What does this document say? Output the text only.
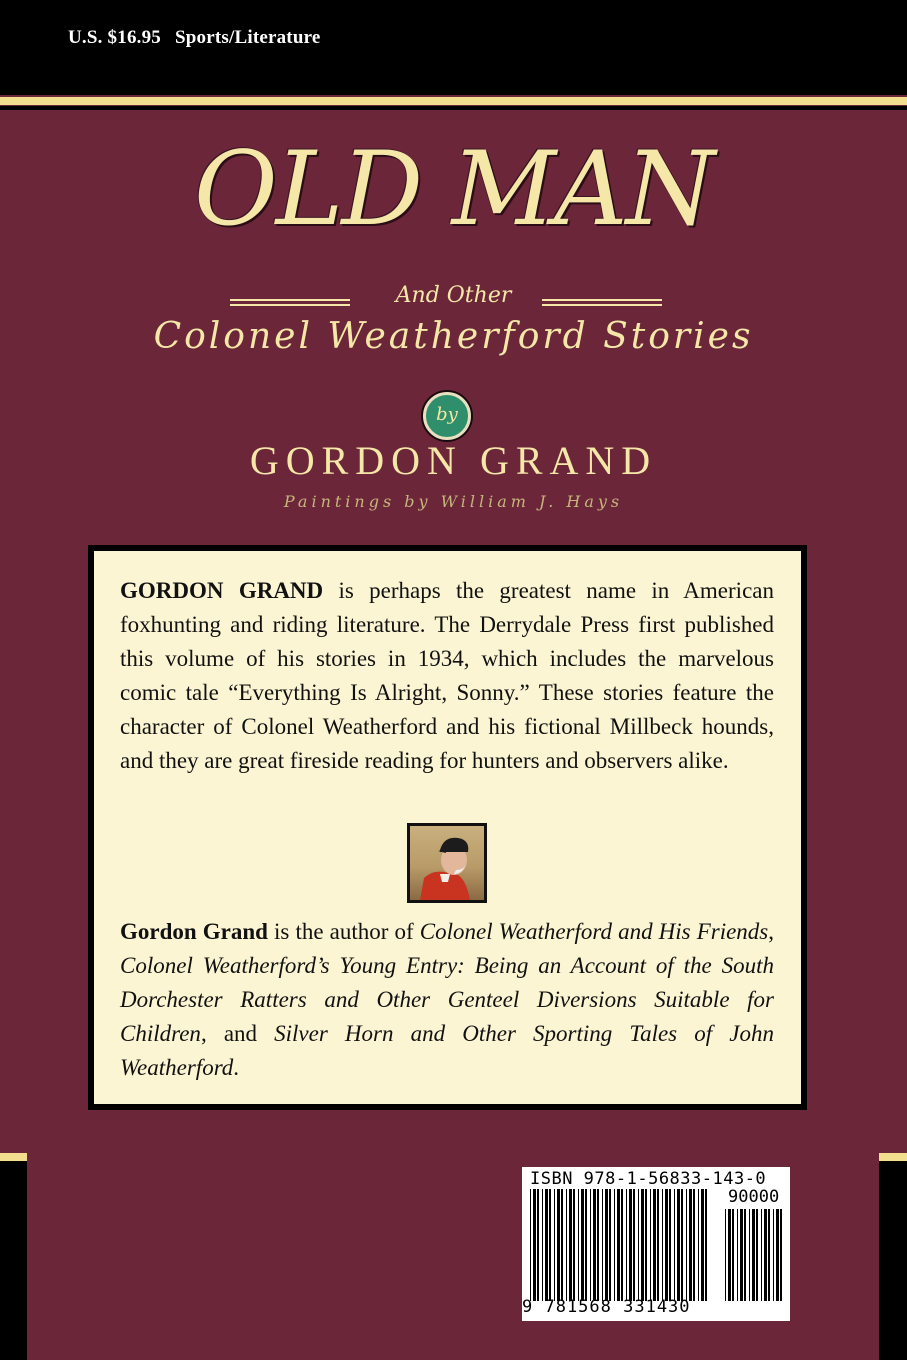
U.S. $16.95 Sports/Literature
OLD MAN
And Other
Colonel Weatherford Stories
by
GORDON GRAND
Paintings by William J. Hays
GORDON GRAND is perhaps the greatest name in American foxhunting and riding literature. The Derrydale Press first published this volume of his stories in 1934, which includes the marvelous comic tale “Everything Is Alright, Sonny.” These stories feature the character of Colonel Weatherford and his fictional Millbeck hounds, and they are great fireside reading for hunters and observers alike.
Gordon Grand is the author of Colonel Weatherford and His Friends, Colonel Weatherford’s Young Entry: Being an Account of the South Dorchester Ratters and Other Genteel Diversions Suitable for Children, and Silver Horn and Other Sporting Tales of John Weatherford.
ISBN 978-1-56833-143-0
90000
9 781568 331430
